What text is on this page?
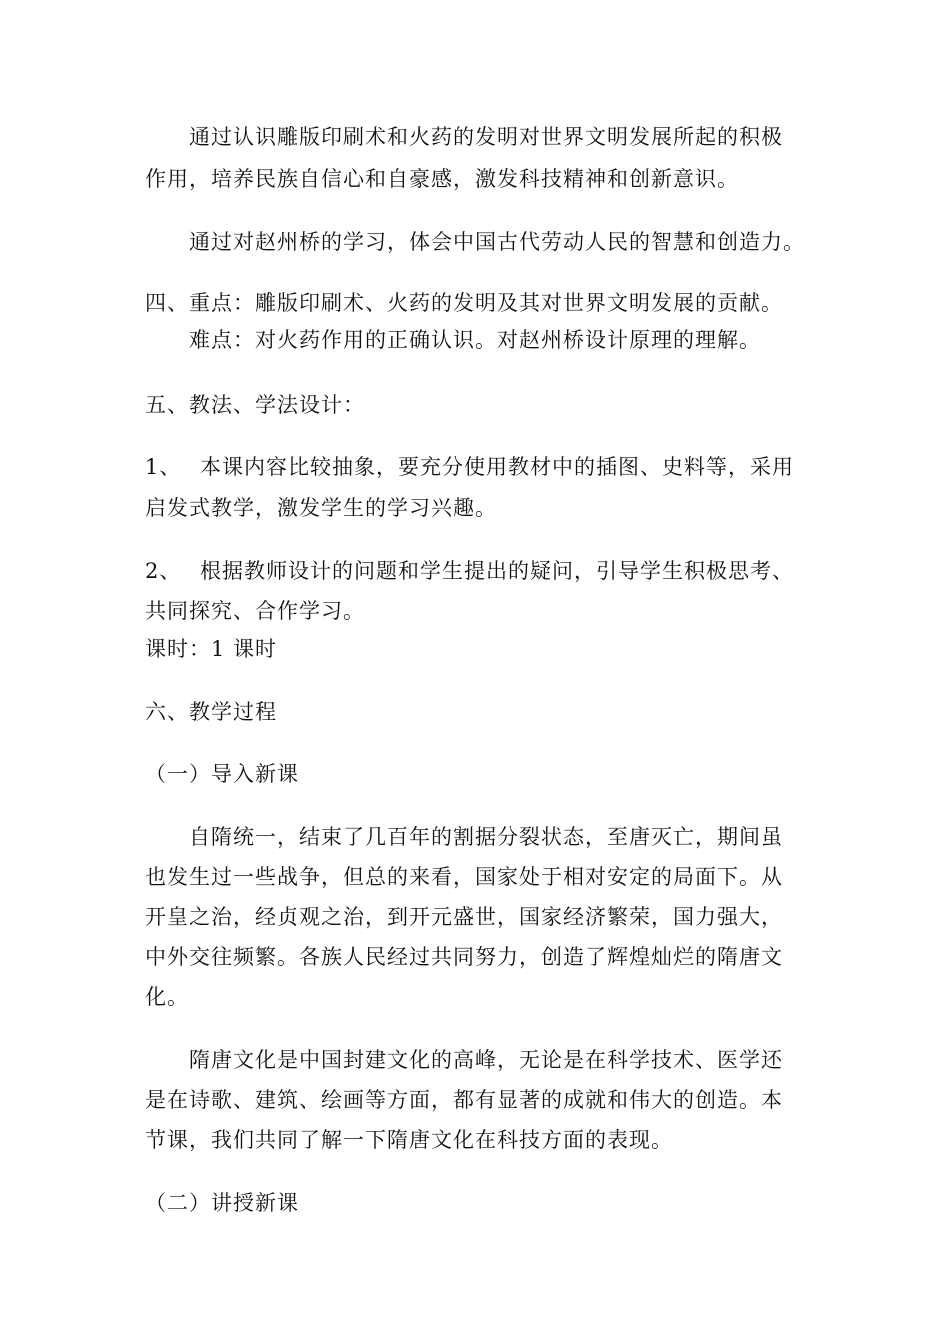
通过认识雕版印刷术和火药的发明对世界文明发展所起的积极
作用，培养民族自信心和自豪感，激发科技精神和创新意识。
通过对赵州桥的学习，体会中国古代劳动人民的智慧和创造力。
四、重点：雕版印刷术、火药的发明及其对世界文明发展的贡献。
难点：对火药作用的正确认识。对赵州桥设计原理的理解。
五、教法、学法设计：
1、 本课内容比较抽象，要充分使用教材中的插图、史料等，采用
启发式教学，激发学生的学习兴趣。
2、 根据教师设计的问题和学生提出的疑问，引导学生积极思考、
共同探究、合作学习。
课时：1 课时
六、教学过程
（一）导入新课
自隋统一，结束了几百年的割据分裂状态，至唐灭亡，期间虽
也发生过一些战争，但总的来看，国家处于相对安定的局面下。从
开皇之治，经贞观之治，到开元盛世，国家经济繁荣，国力强大，
中外交往频繁。各族人民经过共同努力，创造了辉煌灿烂的隋唐文
化。
隋唐文化是中国封建文化的高峰，无论是在科学技术、医学还
是在诗歌、建筑、绘画等方面，都有显著的成就和伟大的创造。本
节课，我们共同了解一下隋唐文化在科技方面的表现。
（二）讲授新课
